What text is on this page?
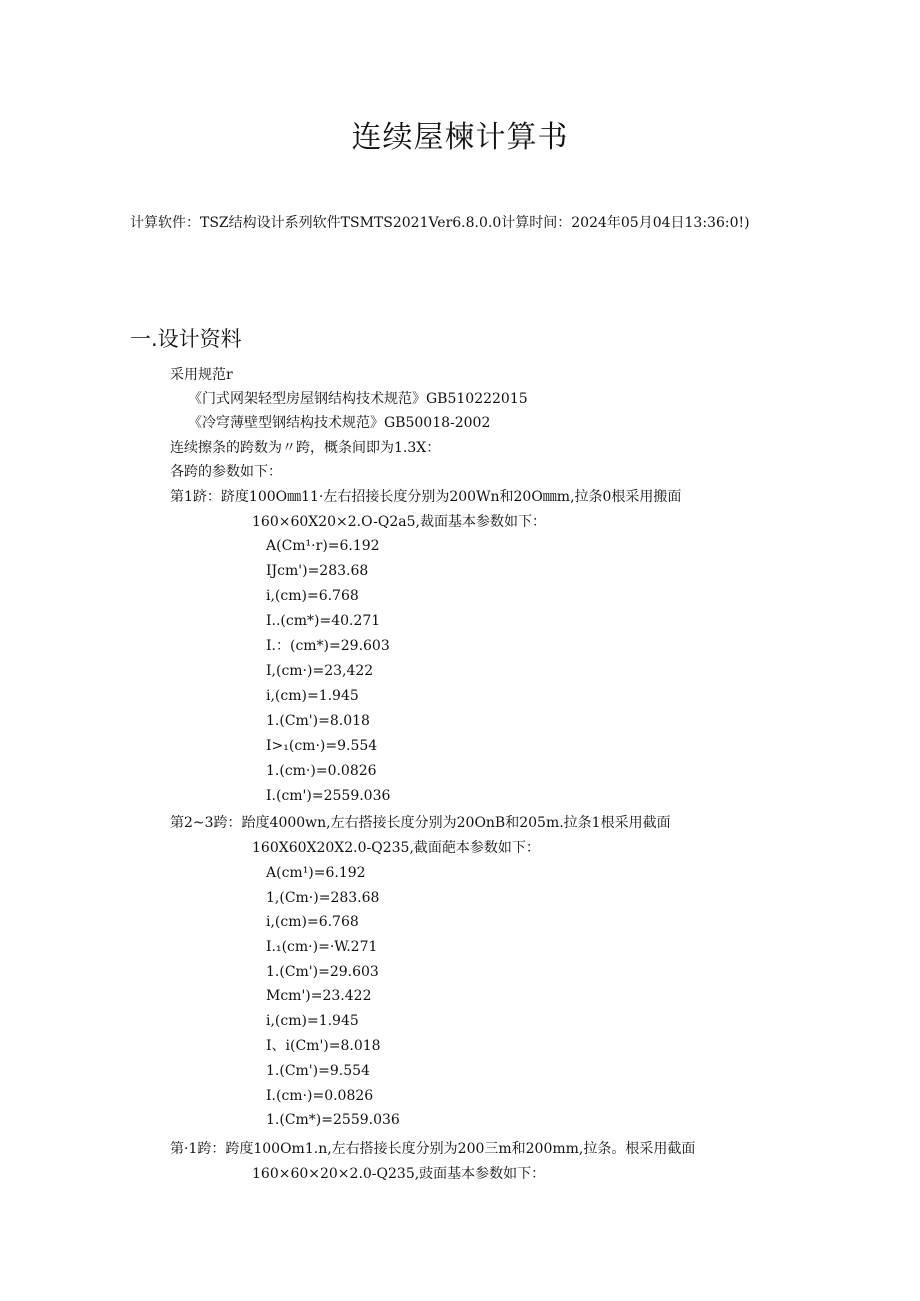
连续屋楝计算书
计算软件：TSZ结构设计系列软件TSMTS2021Ver6.8.0.0计算时间：2024年05月04日13:36:0!)
一.设计资料
采用规范r
《门式网架轻型房屋钢结构技术规范》GB510222015
《冷穹薄壁型钢结构技术规范》GB50018-2002
连续擦条的跨数为〃跨，概条间即为1.3X：
各跨的参数如下：
第1跻：跻度100O㎜11·左右招接长度分别为200Wn和20O㎜m,拉条0根采用搬面
160×60X20×2.O-Q2a5,裁面基本参数如下：
A(Cm¹·r)=6.192
IJcm')=283.68
i,(cm)=6.768
I..(cm*)=40.271
I.：(cm*)=29.603
I,(cm·)=23,422
i,(cm)=1.945
1.(Cm')=8.018
I>₁(cm·)=9.554
1.(cm·)=0.0826
I.(cm')=2559.036
第2~3跨：跆度4000wn,左右搭接长度分别为20OnB和205m.拉条1根采用截面
160X60X20X2.0-Q235,截面葩本参数如下：
A(cm¹)=6.192
1,(Cm·)=283.68
i,(cm)=6.768
I.₁(cm·)=·W.271
1.(Cm')=29.603
Mcm')=23.422
i,(cm)=1.945
I、i(Cm')=8.018
1.(Cm')=9.554
I.(cm·)=0.0826
1.(Cm*)=2559.036
第·1跨：跨度100Om1.n,左右搭接长度分别为200三m和200mm,拉条。根采用截面
160×60×20×2.0-Q235,豉面基本参数如下：
